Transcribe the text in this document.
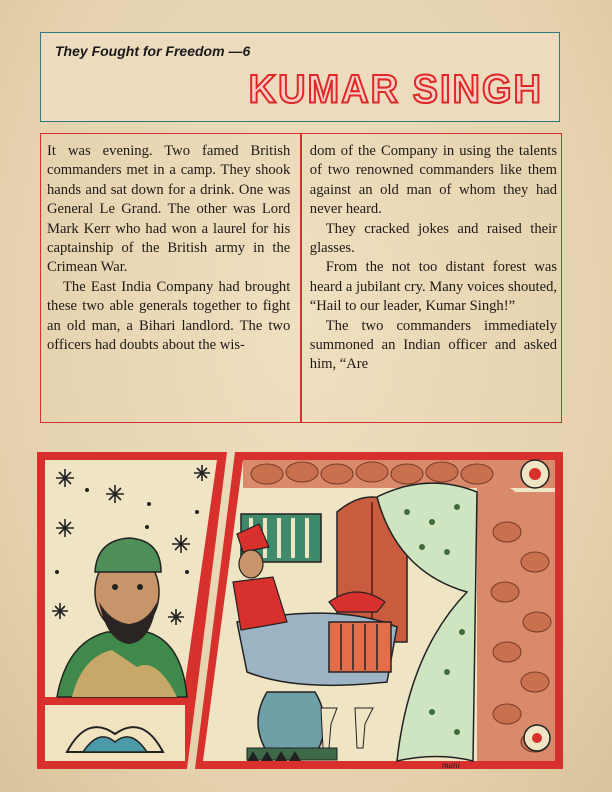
They Fought for Freedom —6
KUMAR SINGH

It was evening. Two famed British commanders met in a camp. They shook hands and sat down for a drink. One was General Le Grand. The other was Lord Mark Kerr who had won a laurel for his captainship of the British army in the Crimean War.

The East India Company had brought these two able generals together to fight an old man, a Bihari landlord. The two officers had doubts about the wis-

dom of the Company in using the talents of two renowned commanders like them against an old man of whom they had never heard.

They cracked jokes and raised their glasses.

From the not too distant forest was heard a jubilant cry. Many voices shouted, “Hail to our leader, Kumar Singh!”

The two commanders immediately summoned an Indian officer and asked him, “Are

mani
